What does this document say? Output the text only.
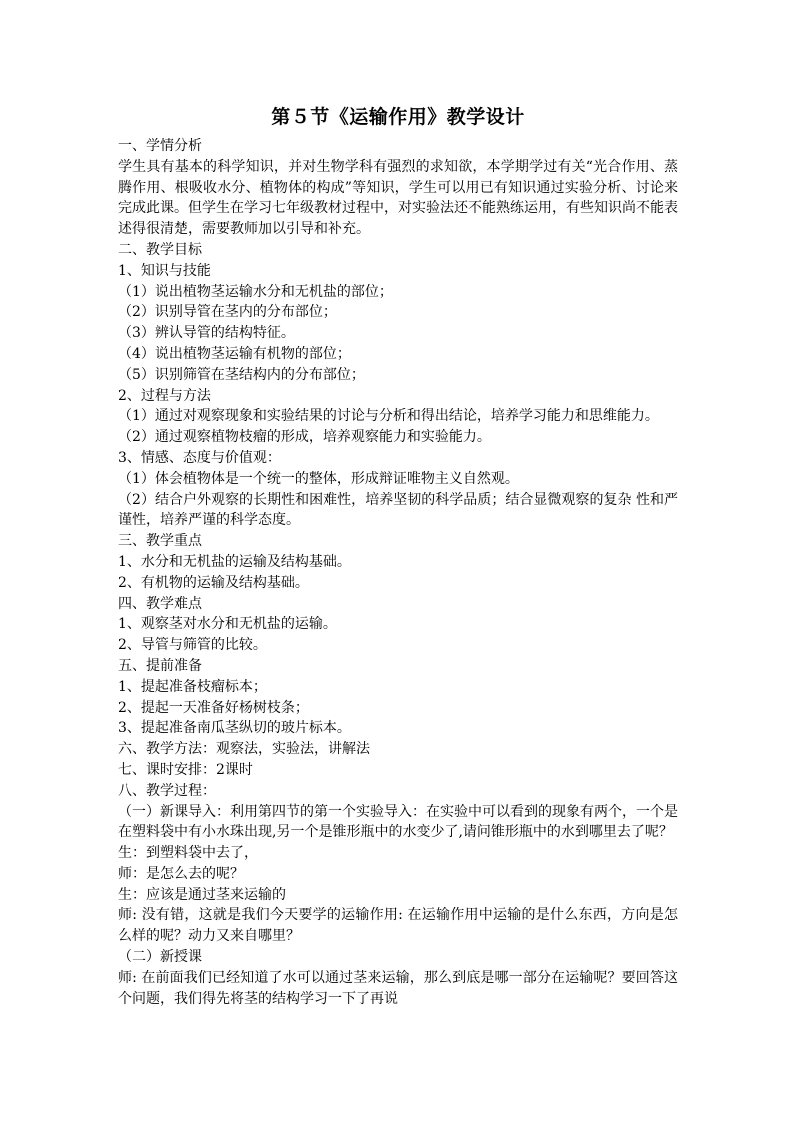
第５节《运输作用》教学设计

一、学情分析

学生具有基本的科学知识，并对生物学科有强烈的求知欲，本学期学过有关“光合作用、蒸腾作用、根吸收水分、植物体的构成”等知识，学生可以用已有知识通过实验分析、讨论来完成此课。但学生在学习七年级教材过程中，对实验法还不能熟练运用，有些知识尚不能表述得很清楚，需要教师加以引导和补充。

二、教学目标

1、知识与技能

（1）说出植物茎运输水分和无机盐的部位；

（2）识别导管在茎内的分布部位；

（3）辨认导管的结构特征。

（4）说出植物茎运输有机物的部位；

（5）识别筛管在茎结构内的分布部位；

2、过程与方法

（1）通过对观察现象和实验结果的讨论与分析和得出结论，培养学习能力和思维能力。

（2）通过观察植物枝瘤的形成，培养观察能力和实验能力。

3、情感、态度与价值观：

（1）体会植物体是一个统一的整体，形成辩证唯物主义自然观。

（2）结合户外观察的长期性和困难性，培养坚韧的科学品质；结合显微观察的复杂 性和严谨性，培养严谨的科学态度。

三、教学重点

1、水分和无机盐的运输及结构基础。

2、有机物的运输及结构基础。

四、教学难点

1、观察茎对水分和无机盐的运输。

2、导管与筛管的比较。

五、提前准备

1、提起准备枝瘤标本；

2、提起一天准备好杨树枝条；

3、提起准备南瓜茎纵切的玻片标本。

六、教学方法：观察法，实验法，讲解法

七、课时安排：2课时

八、教学过程：

（一）新课导入：利用第四节的第一个实验导入：在实验中可以看到的现象有两个，一个是在塑料袋中有小水珠出现,另一个是锥形瓶中的水变少了,请问锥形瓶中的水到哪里去了呢？

生：到塑料袋中去了，

师：是怎么去的呢？

生：应该是通过茎来运输的

师: 没有错，这就是我们今天要学的运输作用: 在运输作用中运输的是什么东西，方向是怎么样的呢？动力又来自哪里？

（二）新授课

师: 在前面我们已经知道了水可以通过茎来运输，那么到底是哪一部分在运输呢？要回答这个问题，我们得先将茎的结构学习一下了再说
